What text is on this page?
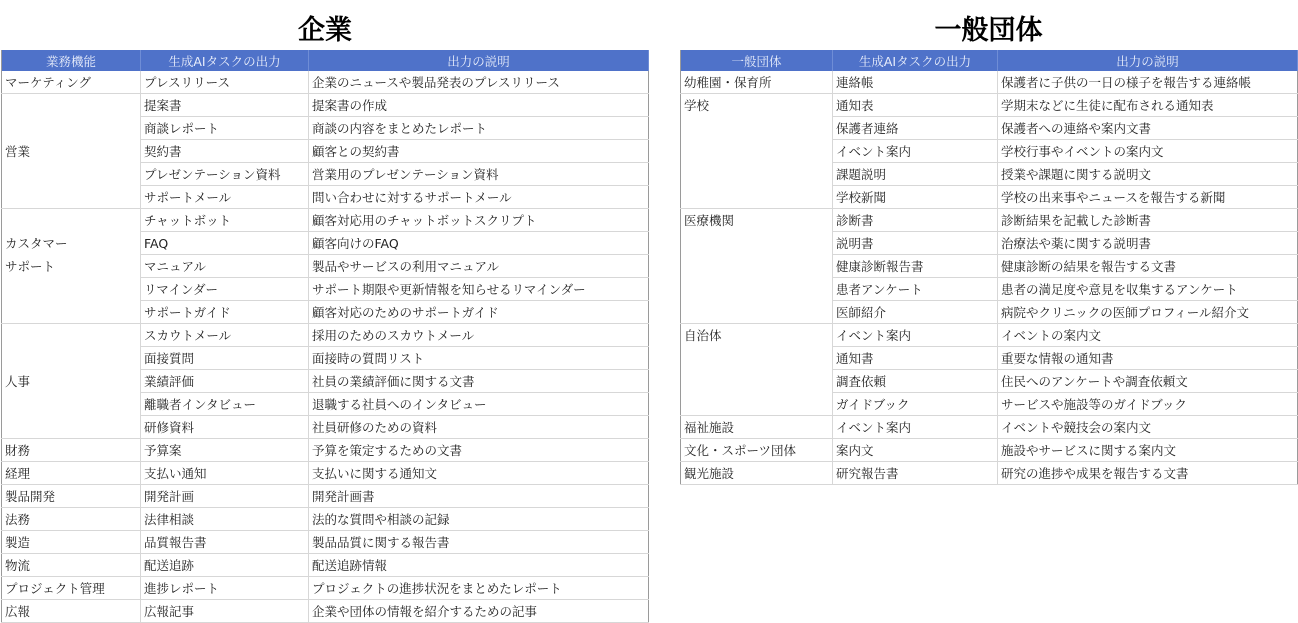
企業	一般団体
業務機能	生成AIタスクの出力	出力の説明
マーケティング	プレスリリース	企業のニュースや製品発表のプレスリリース
	提案書	提案書の作成
	商談レポート	商談の内容をまとめたレポート
営業	契約書	顧客との契約書
	プレゼンテーション資料	営業用のプレゼンテーション資料
	サポートメール	問い合わせに対するサポートメール
	チャットボット	顧客対応用のチャットボットスクリプト
カスタマー	FAQ	顧客向けのFAQ
サポート	マニュアル	製品やサービスの利用マニュアル
	リマインダー	サポート期限や更新情報を知らせるリマインダー
	サポートガイド	顧客対応のためのサポートガイド
	スカウトメール	採用のためのスカウトメール
	面接質問	面接時の質問リスト
人事	業績評価	社員の業績評価に関する文書
	離職者インタビュー	退職する社員へのインタビュー
	研修資料	社員研修のための資料
財務	予算案	予算を策定するための文書
経理	支払い通知	支払いに関する通知文
製品開発	開発計画	開発計画書
法務	法律相談	法的な質問や相談の記録
製造	品質報告書	製品品質に関する報告書
物流	配送追跡	配送追跡情報
プロジェクト管理	進捗レポート	プロジェクトの進捗状況をまとめたレポート
広報	広報記事	企業や団体の情報を紹介するための記事
一般団体	生成AIタスクの出力	出力の説明
幼稚園・保育所	連絡帳	保護者に子供の一日の様子を報告する連絡帳
学校	通知表	学期末などに生徒に配布される通知表
	保護者連絡	保護者への連絡や案内文書
	イベント案内	学校行事やイベントの案内文
	課題説明	授業や課題に関する説明文
	学校新聞	学校の出来事やニュースを報告する新聞
医療機関	診断書	診断結果を記載した診断書
	説明書	治療法や薬に関する説明書
	健康診断報告書	健康診断の結果を報告する文書
	患者アンケート	患者の満足度や意見を収集するアンケート
	医師紹介	病院やクリニックの医師プロフィール紹介文
自治体	イベント案内	イベントの案内文
	通知書	重要な情報の通知書
	調査依頼	住民へのアンケートや調査依頼文
	ガイドブック	サービスや施設等のガイドブック
福祉施設	イベント案内	イベントや競技会の案内文
文化・スポーツ団体	案内文	施設やサービスに関する案内文
観光施設	研究報告書	研究の進捗や成果を報告する文書
